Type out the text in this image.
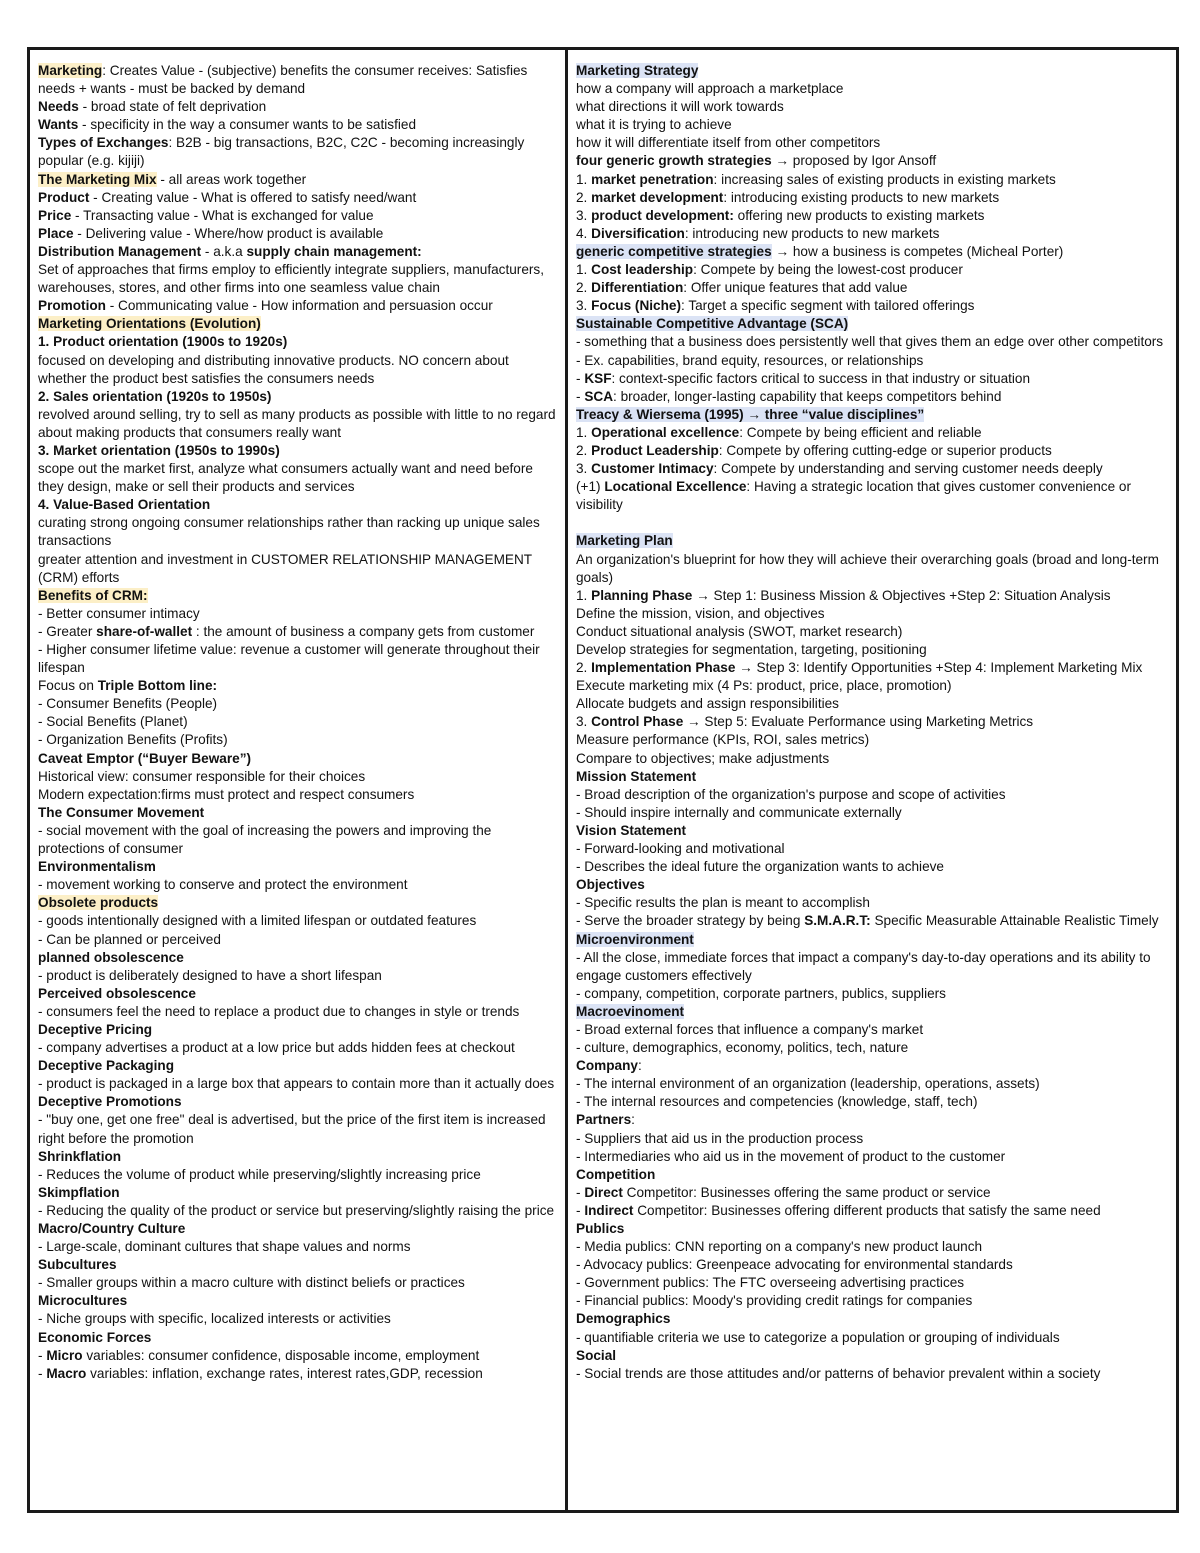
Marketing: Creates Value - (subjective) benefits the consumer receives: Satisfies needs + wants - must be backed by demand
Needs - broad state of felt deprivation
Wants - specificity in the way a consumer wants to be satisfied
Types of Exchanges: B2B - big transactions, B2C, C2C - becoming increasingly popular (e.g. kijiji)
The Marketing Mix - all areas work together
Product - Creating value - What is offered to satisfy need/want
Price - Transacting value - What is exchanged for value
Place - Delivering value - Where/how product is available
Distribution Management - a.k.a supply chain management:
Set of approaches that firms employ to efficiently integrate suppliers, manufacturers, warehouses, stores, and other firms into one seamless value chain
Promotion - Communicating value - How information and persuasion occur
Marketing Orientations (Evolution)
1. Product orientation (1900s to 1920s)
focused on developing and distributing innovative products. NO concern about whether the product best satisfies the consumers needs
2. Sales orientation (1920s to 1950s)
revolved around selling, try to sell as many products as possible with little to no regard about making products that consumers really want
3. Market orientation (1950s to 1990s)
scope out the market first, analyze what consumers actually want and need before they design, make or sell their products and services
4. Value-Based Orientation
curating strong ongoing consumer relationships rather than racking up unique sales transactions
greater attention and investment in CUSTOMER RELATIONSHIP MANAGEMENT (CRM) efforts
Benefits of CRM:
- Better consumer intimacy
- Greater share-of-wallet : the amount of business a company gets from customer
- Higher consumer lifetime value: revenue a customer will generate throughout their lifespan
Focus on Triple Bottom line:
- Consumer Benefits (People)
- Social Benefits (Planet)
- Organization Benefits (Profits)
Caveat Emptor (“Buyer Beware”)
Historical view: consumer responsible for their choices
Modern expectation:firms must protect and respect consumers
The Consumer Movement
- social movement with the goal of increasing the powers and improving the protections of consumer
Environmentalism
- movement working to conserve and protect the environment
Obsolete products
- goods intentionally designed with a limited lifespan or outdated features
- Can be planned or perceived
planned obsolescence
- product is deliberately designed to have a short lifespan
Perceived obsolescence
- consumers feel the need to replace a product due to changes in style or trends
Deceptive Pricing
- company advertises a product at a low price but adds hidden fees at checkout
Deceptive Packaging
- product is packaged in a large box that appears to contain more than it actually does
Deceptive Promotions
- "buy one, get one free" deal is advertised, but the price of the first item is increased right before the promotion
Shrinkflation
- Reduces the volume of product while preserving/slightly increasing price
Skimpflation
- Reducing the quality of the product or service but preserving/slightly raising the price
Macro/Country Culture
- Large-scale, dominant cultures that shape values and norms
Subcultures
- Smaller groups within a macro culture with distinct beliefs or practices
Microcultures
- Niche groups with specific, localized interests or activities
Economic Forces
- Micro variables: consumer confidence, disposable income, employment
- Macro variables: inflation, exchange rates, interest rates,GDP, recession
Marketing Strategy
how a company will approach a marketplace
what directions it will work towards
what it is trying to achieve
how it will differentiate itself from other competitors
four generic growth strategies → proposed by Igor Ansoff
1. market penetration: increasing sales of existing products in existing markets
2. market development: introducing existing products to new markets
3. product development: offering new products to existing markets
4. Diversification: introducing new products to new markets
generic competitive strategies → how a business is competes (Micheal Porter)
1. Cost leadership: Compete by being the lowest-cost producer
2. Differentiation: Offer unique features that add value
3. Focus (Niche): Target a specific segment with tailored offerings
Sustainable Competitive Advantage (SCA)
- something that a business does persistently well that gives them an edge over other competitors
- Ex. capabilities, brand equity, resources, or relationships
- KSF: context-specific factors critical to success in that industry or situation
- SCA: broader, longer-lasting capability that keeps competitors behind
Treacy & Wiersema (1995) → three “value disciplines”
1. Operational excellence: Compete by being efficient and reliable
2. Product Leadership: Compete by offering cutting-edge or superior products
3. Customer Intimacy: Compete by understanding and serving customer needs deeply
(+1) Locational Excellence: Having a strategic location that gives customer convenience or visibility
Marketing Plan
An organization's blueprint for how they will achieve their overarching goals (broad and long-term goals)
1. Planning Phase → Step 1: Business Mission & Objectives +Step 2: Situation Analysis
Define the mission, vision, and objectives
Conduct situational analysis (SWOT, market research)
Develop strategies for segmentation, targeting, positioning
2. Implementation Phase → Step 3: Identify Opportunities +Step 4: Implement Marketing Mix
Execute marketing mix (4 Ps: product, price, place, promotion)
Allocate budgets and assign responsibilities
3. Control Phase → Step 5: Evaluate Performance using Marketing Metrics
Measure performance (KPIs, ROI, sales metrics)
Compare to objectives; make adjustments
Mission Statement
- Broad description of the organization's purpose and scope of activities
- Should inspire internally and communicate externally
Vision Statement
- Forward-looking and motivational
- Describes the ideal future the organization wants to achieve
Objectives
- Specific results the plan is meant to accomplish
- Serve the broader strategy by being S.M.A.R.T: Specific Measurable Attainable Realistic Timely
Microenvironment
- All the close, immediate forces that impact a company's day-to-day operations and its ability to engage customers effectively
- company, competition, corporate partners, publics, suppliers
Macroevinoment
- Broad external forces that influence a company's market
- culture, demographics, economy, politics, tech, nature
Company:
- The internal environment of an organization (leadership, operations, assets)
- The internal resources and competencies (knowledge, staff, tech)
Partners:
- Suppliers that aid us in the production process
- Intermediaries who aid us in the movement of product to the customer
Competition
- Direct Competitor: Businesses offering the same product or service
- Indirect Competitor: Businesses offering different products that satisfy the same need
Publics
- Media publics: CNN reporting on a company's new product launch
- Advocacy publics: Greenpeace advocating for environmental standards
- Government publics: The FTC overseeing advertising practices
- Financial publics: Moody's providing credit ratings for companies
Demographics
- quantifiable criteria we use to categorize a population or grouping of individuals
Social
- Social trends are those attitudes and/or patterns of behavior prevalent within a society
